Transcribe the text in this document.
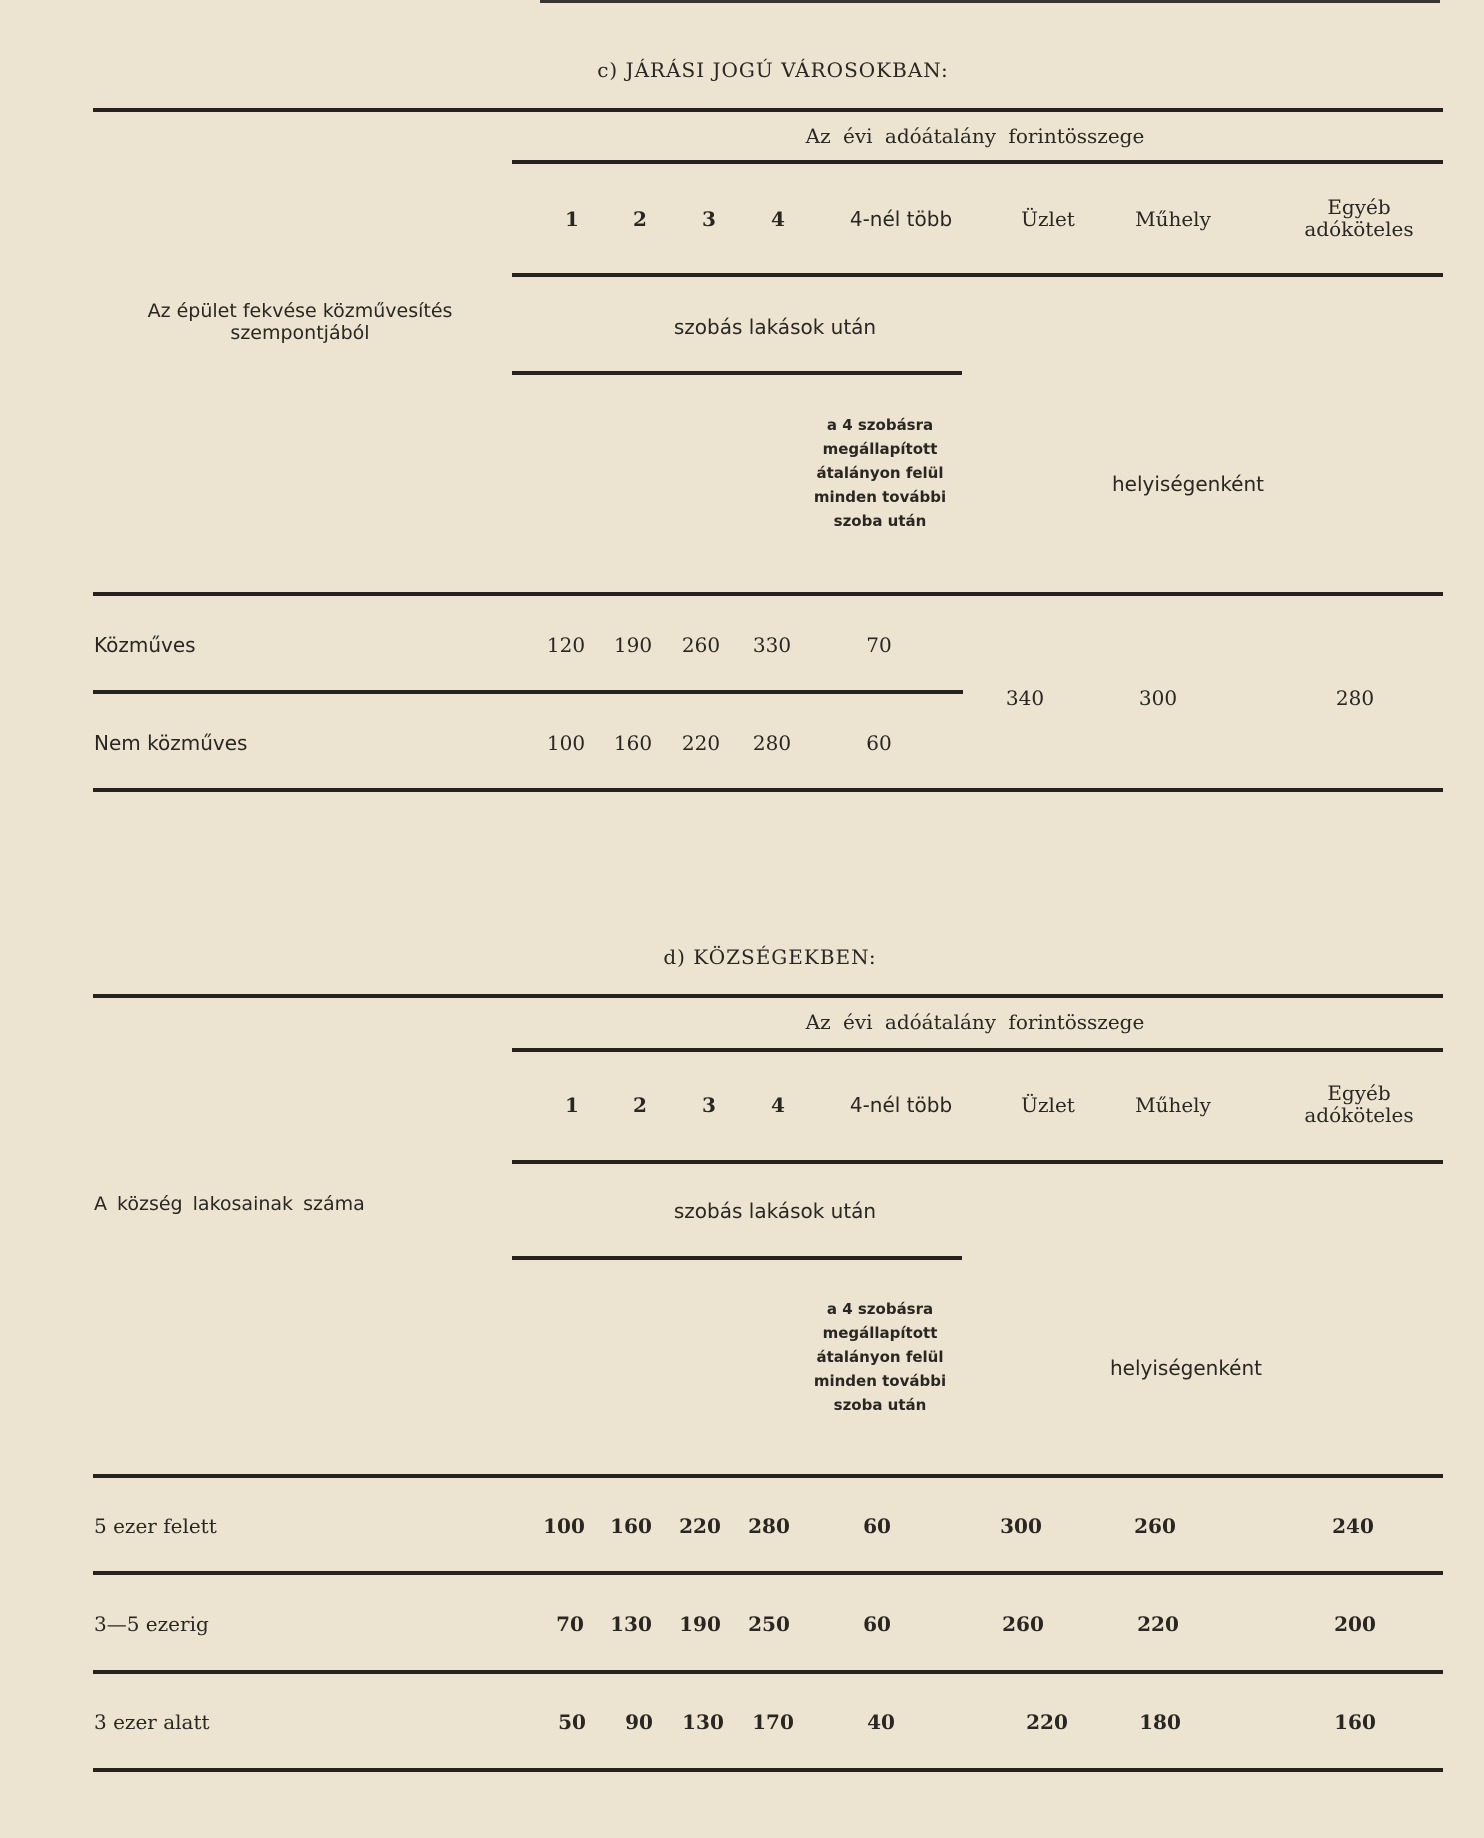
c) JÁRÁSI JOGÚ VÁROSOKBAN:
Az évi adóátalány forintösszege
1	2	3	4	4-nél több	Üzlet	Műhely	Egyéb adóköteles
Az épület fekvése közművesítés szempontjából	szobás lakások után
a 4 szobásra megállapított átalányon felül minden további szoba után
helyiségenként
Közműves	120 190 260 330	70
340	300	280
Nem közműves	100 160 220 280	60
d) KÖZSÉGEKBEN:
Az évi adóátalány forintösszege
1	2	3	4	4-nél több	Üzlet	Műhely	Egyéb adóköteles
A község lakosainak száma	szobás lakások után
a 4 szobásra megállapított átalányon felül minden további szoba után
helyiségenként
5 ezer felett	100 160 220 280	60	300	260	240
3—5 ezerig	70 130 190 250	60	260	220	200
3 ezer alatt	50 90 130 170	40	220	180	160
